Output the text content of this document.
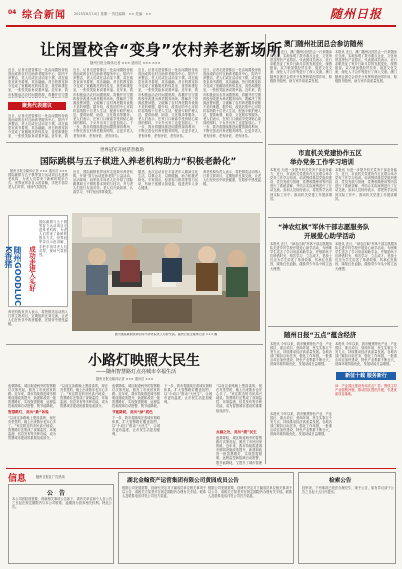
04 综合新闻 2023年8月14日 星期一 责任编辑：×× 美编：××	随州日报
让闲置校舍“变身”农村养老新场所
随州日报全媒体记者 ××× 通讯员 ××× ×××
近日，记者走进曾都区一处由闲置校舍改造而成的农村互助养老服务中心，院内干净整洁，老人们或在活动室下棋，或在阅览室读书看报，其乐融融。昔日的教室如今变成了宽敞明亮的休息室、食堂和康复室，一张张笑脸诉说着幸福。近年来，我市积极盘活农村闲置资源，将撤并后空置
聚焦代表建议
近日，记者走进曾都区一处由闲置校舍改造而成的农村互助养老服务中心，院内干净整洁，老人们或在活动室下棋，或在阅览室读书看报，其乐融融。昔日的教室如今变成了宽敞明亮的休息室、食堂和康复室，一张张笑脸诉说着幸福。近年来，我
近日，记者走进曾都区一处由闲置校舍改造而成的农村互助养老服务中心，院内干净整洁，老人们或在活动室下棋，或在阅览室读书看报，其乐融融。昔日的教室如今变成了宽敞明亮的休息室、食堂和康复室，一张张笑脸诉说着幸福。近年来，我市积极盘活农村闲置资源，将撤并后空置的校舍改建为养老服务场所，既解决了资源浪费问题，又破解了农村养老服务设施不足的难题。据介绍，改造后的中心可同时容纳数十位老人生活，配备专职护理人员，提供助餐、助浴、文化娱乐等服务。老人们表示，在家门口就能享受到贴心周到的照料，子女外出务工也更加放心。下一步，我市将继续推进闲置资源再利用，不断完善农村养老服务网络，让更多老人老有所养、老有所依、老有所乐。
近日，记者走进曾都区一处由闲置校舍改造而成的农村互助养老服务中心，院内干净整洁，老人们或在活动室下棋，或在阅览室读书看报，其乐融融。昔日的教室如今变成了宽敞明亮的休息室、食堂和康复室，一张张笑脸诉说着幸福。近年来，我市积极盘活农村闲置资源，将撤并后空置的校舍改建为养老服务场所，既解决了资源浪费问题，又破解了农村养老服务设施不足的难题。据介绍，改造后的中心可同时容纳数十位老人生活，配备专职护理人员，提供助餐、助浴、文化娱乐等服务。老人们表示，在家门口就能享受到贴心周到的照料，子女外出务工也更加放心。下一步，我市将继续推进闲置资源再利用，不断完善农村养老服务网络，让更多老人老有所养、老有所依、老有所乐。
近日，记者走进曾都区一处由闲置校舍改造而成的农村互助养老服务中心，院内干净整洁，老人们或在活动室下棋，或在阅览室读书看报，其乐融融。昔日的教室如今变成了宽敞明亮的休息室、食堂和康复室，一张张笑脸诉说着幸福。近年来，我市积极盘活农村闲置资源，将撤并后空置的校舍改建为养老服务场所，既解决了资源浪费问题，又破解了农村养老服务设施不足的难题。据介绍，改造后的中心可同时容纳数十位老人生活，配备专职护理人员，提供助餐、助浴、文化娱乐等服务。老人们表示，在家门口就能享受到贴心周到的照料，子女外出务工也更加放心。下一步，我市将继续推进闲置资源再利用，不断完善农村养老服务网络，让更多老人老有所养、老有所依、老有所乐。
澳门随州社团总会参访随州
本报讯 近日，澳门随州社团总会一行来随参访交流，实地参观了我市重点企业、文化场馆及特色产业园区。代表团成员表示，此行亲眼见证了家乡日新月异的发展变化，深感振奋。双方就加强经贸往来、促进文化交流、深化人才合作等进行了深入交流。澳门随州社团总会将充分发挥桥梁纽带作用，积极推介随州，助力家乡高质量发展。
本报讯 近日，澳门随州社团总会一行来随参访交流，实地参观了我市重点企业、文化场馆及特色产业园区。代表团成员表示，此行亲眼见证了家乡日新月异的发展变化，深感振奋。双方就加强经贸往来、促进文化交流、深化人才合作等进行了深入交流。澳门随州社团总会将充分发挥桥梁纽带作用，积极推介随州，助力家乡高质量发展。
市直机关党建协作五区
举办党务工作学习培训
本报讯 为进一步提升机关党务干部业务能力，近日，市直机关党建协作五区联合举办党务工作学习培训。培训围绕基层党组织建设、党员发展与管理、党费收缴使用等内容进行了系统讲解，并结合实际案例进行了互动交流。参训人员纷纷表示，将把所学运用到实际工作中，推动机关党建工作提质增效。
本报讯 为进一步提升机关党务干部业务能力，近日，市直机关党建协作五区联合举办党务工作学习培训。培训围绕基层党组织建设、党员发展与管理、党费收缴使用等内容进行了系统讲解，并结合实际案例进行了互动交流。参训人员纷纷表示，将把所学运用到实际工作中，推动机关党建工作提质增效。
“神农红枫”军休干部志愿服务队
开展爱心助学活动
本报讯 近日，“神农红枫”军休干部志愿服务队走进乡村学校开展爱心助学活动，为困难学生送去了学习用品和助学金，并勉励孩子们珍惜时光、刻苦学习、立志成才。老战士们还为学生讲述了革命故事，传承红色基因，赓续红色血脉，激励青少年从小树立远大理想。
本报讯 近日，“神农红枫”军休干部志愿服务队走进乡村学校开展爱心助学活动，为困难学生送去了学习用品和助学金，并勉励孩子们珍惜时光、刻苦学习、立志成才。老战士们还为学生讲述了革命故事，传承红色基因，赓续红色血脉，激励青少年从小树立远大理想。
随州日报“五点”蕴含经济
本报讯 今年以来，我市聚焦特色产业、产业园区、重点项目、营商环境、民生实事五个发力点，持续推动经济高质量发展。各地各部门紧扣目标任务，强化工作举措，一批重点项目加快建设，特色产业集群不断壮大，营商环境持续优化，发展动能日益增强。
本报讯 今年以来，我市聚焦特色产业、产业园区、重点项目、营商环境、民生实事五个发力点，持续推动经济高质量发展。各地各部门紧扣目标任务，强化工作举措，一批重点项目加快建设，特色产业集群不断壮大，营商环境持续优化，发展动能日益增强。
新征十载 服务新行
问：产业园区建设有何亮点？答：围绕主导产业强链补链，推动园区提档升级，引进优质项目落地。
本报讯 今年以来，我市聚焦特色产业、产业园区、重点项目、营商环境、民生实事五个发力点，持续推动经济高质量发展。各地各部门紧扣目标任务，强化工作举措，一批重点项目加快建设，特色产业集群不断壮大，营商环境持续优化，发展动能日益增强。
世界冠军开展慈善救助
国际跳棋与五子棋进入养老机构助力“积极老龄化”
随州日报全媒体记者 ××× 通讯员 ×××
国际跳棋与五子棋等智力运动项目走进养老机构，为老人们带来了新鲜的娱乐方式。世界冠军亲自示范讲解，手把手指导老人们对弈，现场气氛热烈。
随州GOODLUCK香猪	成功走进入头好
国际跳棋与五子棋等智力运动项目走进养老机构，为老人们带来了新鲜的娱乐方式。世界冠军亲自示范讲解，手把手指导老人们对弈，现场气氛热烈。
养老机构负责人表示，将把棋类活动纳入日常文娱项目，定期组织比赛交流，让老人们在快乐中收获健康，在陪伴中感受温暖。
近日，国际跳棋世界冠军走进我市养老机构，开展“智力运动进养老院”公益活动。活动现场，冠军选手向老人们介绍了国际跳棋和五子棋的基本规则与技巧，并与老人们进行友谊对弈。老人们兴致勃勃，认真学习，不时发出阵阵欢笑。
据悉，此次活动旨在丰富老年人精神文化生活，以棋会友、以棋健脑，助力积极老龄化。专家指出，经常参与棋类等智力运动，有助于延缓认知衰退，促进老年人身心健康。
养老机构负责人表示，将把棋类活动纳入日常文娱项目，定期组织比赛交流，让老人们在快乐中收获健康，在陪伴中感受温暖。
图为国际跳棋世界冠军与养老院老人对弈交流。随州日报全媒体记者 ××× 摄
小路灯映照大民生
——随州智慧路灯点亮城市幸福生活
随州日报全媒体记者 ××× 通讯员 ×××
夜幕降临，城区街道两旁的智慧路灯次第亮起，照亮了市民回家的路。近年来，我市持续推进城市照明设施改造提升，新建和改造一批智慧路灯，实现按需照明、远程监控和故障自动报警，既节能降耗，
智慧路灯，亮出“新”体验
“以前这条路晚上黑漆漆的，现在亮堂堂的，晚上出来散步也安心多了。”家住附近的市民高兴地说。智慧路灯还集成了视频监控、环境监测、信息发布等多种功能，成为智慧城市建设的重要组成部分。
“以前这条路晚上黑漆漆的，现在亮堂堂的，晚上出来散步也安心多了。”家住附近的市民高兴地说。智慧路灯还集成了视频监控、环境监测、信息发布等多种功能，成为智慧城市建设的重要组成部分。
节能降耗，亮出“绿”底色
夜幕降临，城区街道两旁的智慧路灯次第亮起，照亮了市民回家的路。近年来，我市持续推进城市照明设施改造提升，新建和改造一批智慧路灯，实现按需照明、远程监控和故障自动报警，既节能降耗，
下一步，我市将继续完善城市照明体系，扩大智慧路灯覆盖范围，以“小切口”推动“大民生”，让城市更有温度，让市民生活更加便利。
下一步，我市将继续完善城市照明体系，扩大智慧路灯覆盖范围，以“小切口”推动“大民生”，让城市更有温度，让市民生活更加便利。
点滴之处，亮出“暖”民生
“以前这条路晚上黑漆漆的，现在亮堂堂的，晚上出来散步也安心多了。”家住附近的市民高兴地说。智慧路灯还集成了视频监控、环境监测、信息发布等多种功能，成为智慧城市建设的重要组成部分。
夜幕降临，城区街道两旁的智慧路灯次第亮起，照亮了市民回家的路。近年来，我市持续推进城市照明设施改造提升，新建和改造一批智慧路灯，实现按需照明、远程监控和故障自动报警，既节能降耗，又提升了城市管理
信息	随州日报社广告热线
公　告
本公司因经营需要，现就相关事项公告如下，请有关单位和个人自公告之日起在规定期限内与本公司联系，逾期视为放弃相关权利。特此公告。
湖北金翰资产运营集团有限公司黄园成员公告
根据公司发展需要，经研究决定对下属成员单位相关事项予以公告，请相关方知悉并在规定期限内办理有关手续。联系人及联系电话详见公司官方渠道。
根据公司发展需要，经研究决定对下属成员单位相关事项予以公告，请相关方知悉并在规定期限内办理有关手续。联系人及联系电话详见公司官方渠道。
检索公告
经审查，下列事项已依法办理完毕，现予公告，如有异议请于公告之日起十五日内提出。
